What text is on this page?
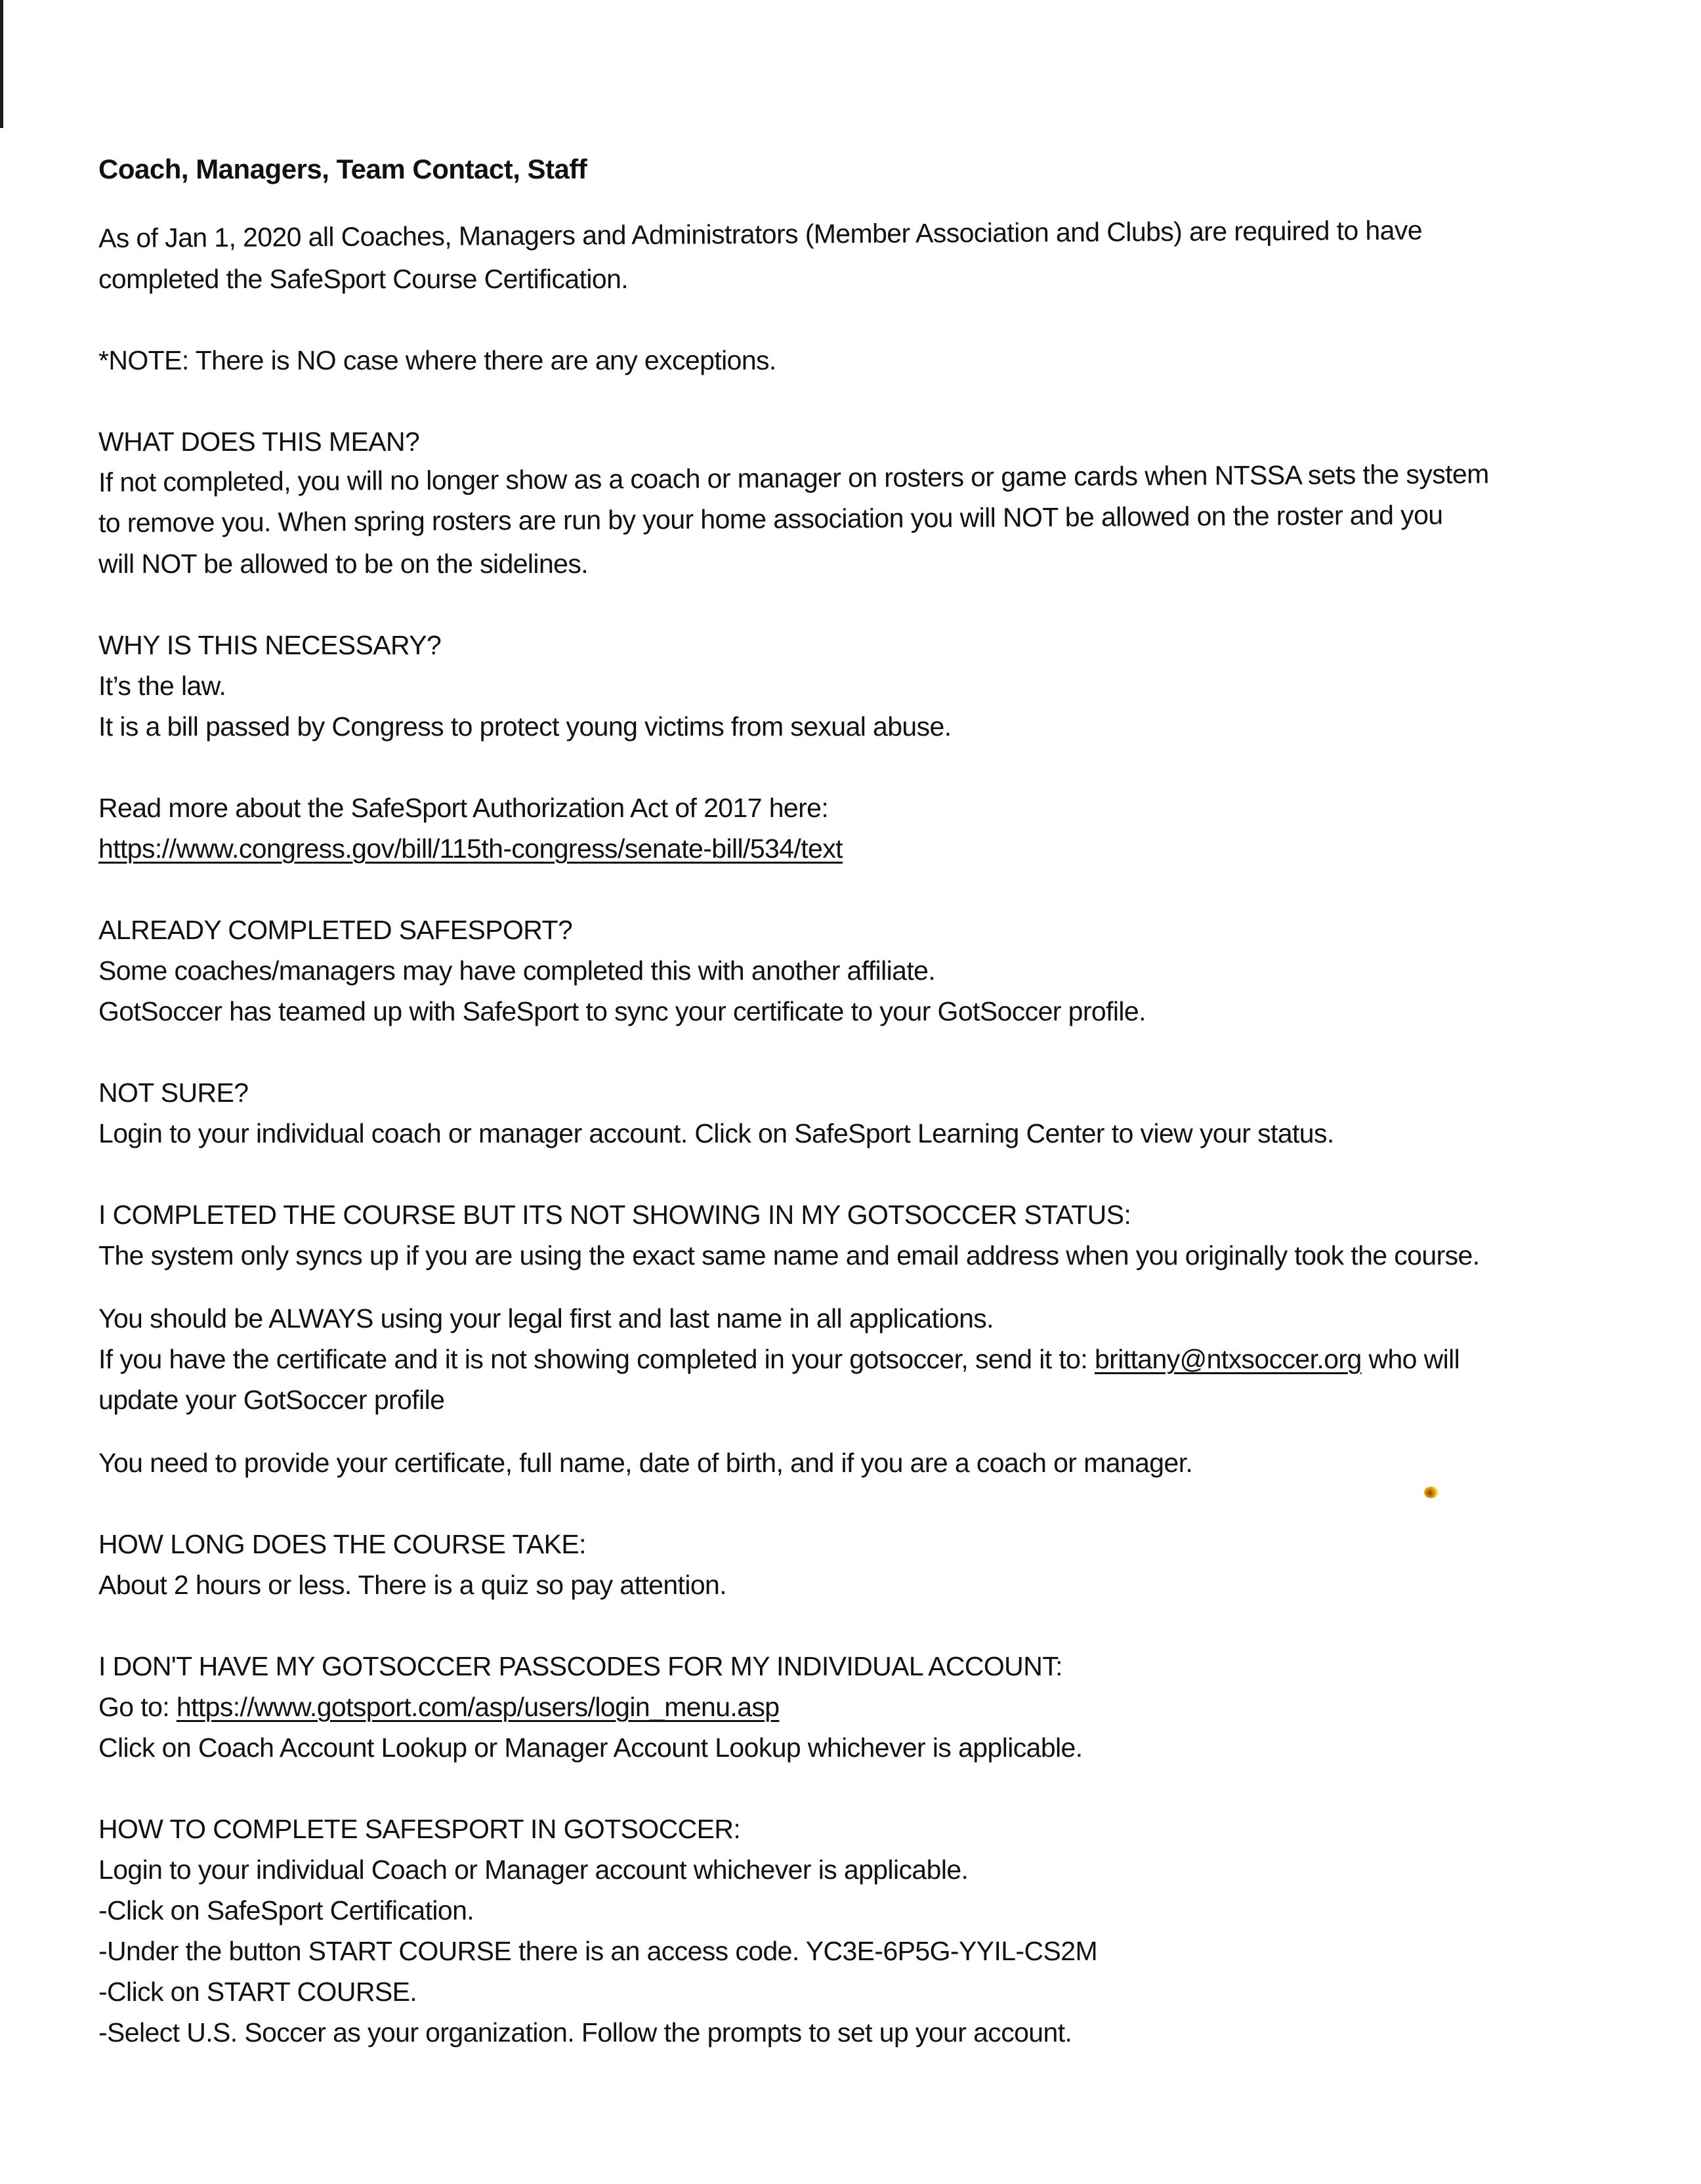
Coach, Managers, Team Contact, Staff
As of Jan 1, 2020 all Coaches, Managers and Administrators (Member Association and Clubs) are required to have
completed the SafeSport Course Certification.
*NOTE: There is NO case where there are any exceptions.
WHAT DOES THIS MEAN?
If not completed, you will no longer show as a coach or manager on rosters or game cards when NTSSA sets the system
to remove you. When spring rosters are run by your home association you will NOT be allowed on the roster and you
will NOT be allowed to be on the sidelines.
WHY IS THIS NECESSARY?
It’s the law.
It is a bill passed by Congress to protect young victims from sexual abuse.
Read more about the SafeSport Authorization Act of 2017 here:
https://www.congress.gov/bill/115th-congress/senate-bill/534/text
ALREADY COMPLETED SAFESPORT?
Some coaches/managers may have completed this with another affiliate.
GotSoccer has teamed up with SafeSport to sync your certificate to your GotSoccer profile.
NOT SURE?
Login to your individual coach or manager account. Click on SafeSport Learning Center to view your status.
I COMPLETED THE COURSE BUT ITS NOT SHOWING IN MY GOTSOCCER STATUS:
The system only syncs up if you are using the exact same name and email address when you originally took the course.
You should be ALWAYS using your legal first and last name in all applications.
If you have the certificate and it is not showing completed in your gotsoccer, send it to: brittany@ntxsoccer.org who will
update your GotSoccer profile
You need to provide your certificate, full name, date of birth, and if you are a coach or manager.
HOW LONG DOES THE COURSE TAKE:
About 2 hours or less. There is a quiz so pay attention.
I DON'T HAVE MY GOTSOCCER PASSCODES FOR MY INDIVIDUAL ACCOUNT:
Go to: https://www.gotsport.com/asp/users/login_menu.asp
Click on Coach Account Lookup or Manager Account Lookup whichever is applicable.
HOW TO COMPLETE SAFESPORT IN GOTSOCCER:
Login to your individual Coach or Manager account whichever is applicable.
-Click on SafeSport Certification.
-Under the button START COURSE there is an access code. YC3E-6P5G-YYIL-CS2M
-Click on START COURSE.
-Select U.S. Soccer as your organization. Follow the prompts to set up your account.
